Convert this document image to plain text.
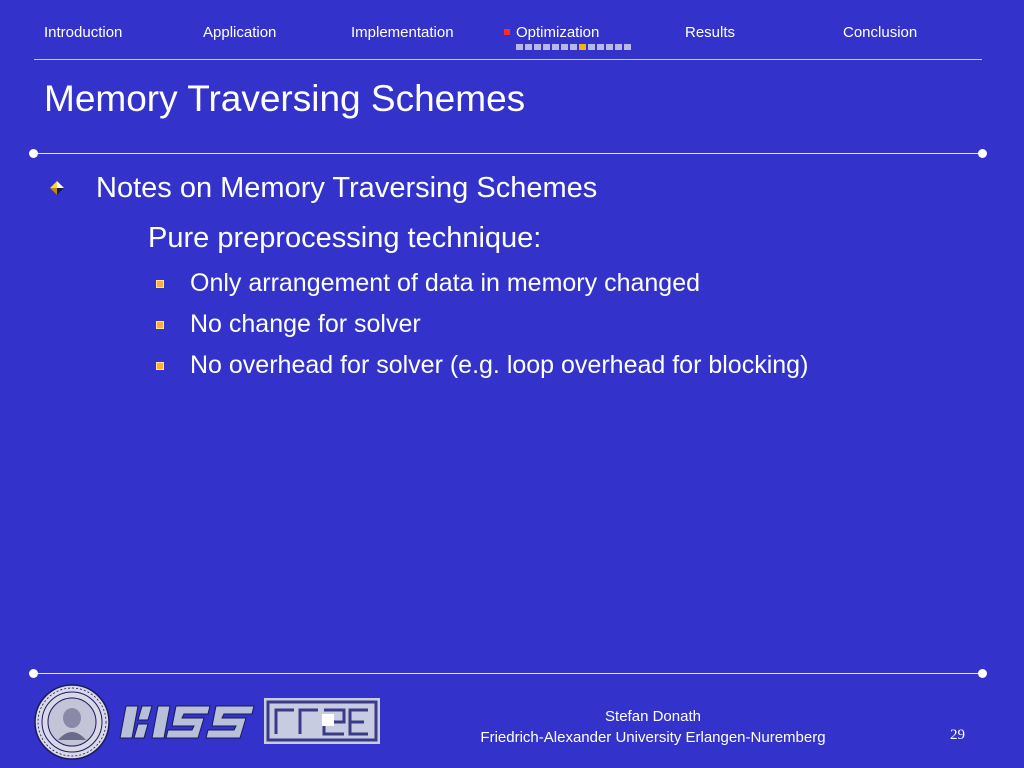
Introduction	Application	Implementation	Optimization	Results	Conclusion
Memory Traversing Schemes
Notes on Memory Traversing Schemes
Pure preprocessing technique:
Only arrangement of data in memory changed
No change for solver
No overhead for solver (e.g. loop overhead for blocking)
Stefan Donath
Friedrich-Alexander University Erlangen-Nuremberg	29
